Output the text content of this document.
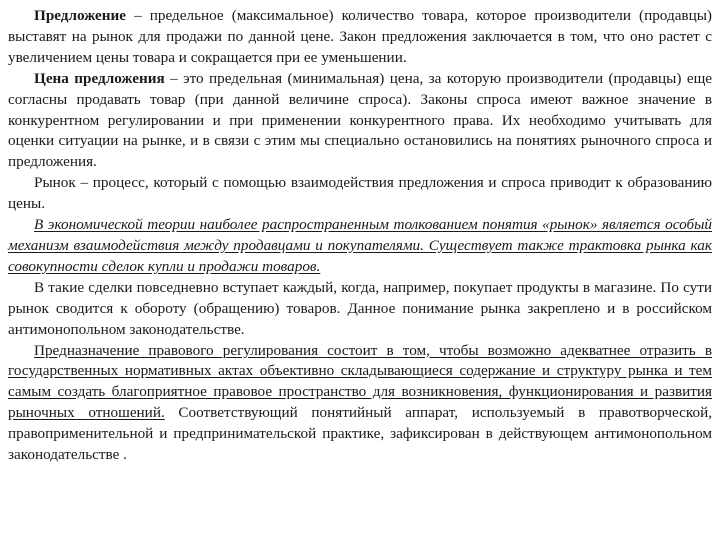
Предложение – предельное (максимальное) количество товара, которое производители (продавцы) выставят на рынок для продажи по данной цене. Закон предложения заключается в том, что оно растет с увеличением цены товара и сокращается при ее уменьшении.

Цена предложения – это предельная (минимальная) цена, за которую производители (продавцы) еще согласны продавать товар (при данной величине спроса). Законы спроса имеют важное значение в конкурентном регулировании и при применении конкурентного права. Их необходимо учитывать для оценки ситуации на рынке, и в связи с этим мы специально остановились на понятиях рыночного спроса и предложения.

Рынок – процесс, который с помощью взаимодействия предложения и спроса приводит к образованию цены.

В экономической теории наиболее распространенным толкованием понятия «рынок» является особый механизм взаимодействия между продавцами и покупателями. Существует также трактовка рынка как совокупности сделок купли и продажи товаров.

В такие сделки повседневно вступает каждый, когда, например, покупает продукты в магазине. По сути рынок сводится к обороту (обращению) товаров. Данное понимание рынка закреплено и в российском антимонопольном законодательстве.

Предназначение правового регулирования состоит в том, чтобы возможно адекватнее отразить в государственных нормативных актах объективно складывающиеся содержание и структуру рынка и тем самым создать благоприятное правовое пространство для возникновения, функционирования и развития рыночных отношений. Соответствующий понятийный аппарат, используемый в правотворческой, правоприменительной и предпринимательской практике, зафиксирован в действующем антимонопольном законодательстве .
